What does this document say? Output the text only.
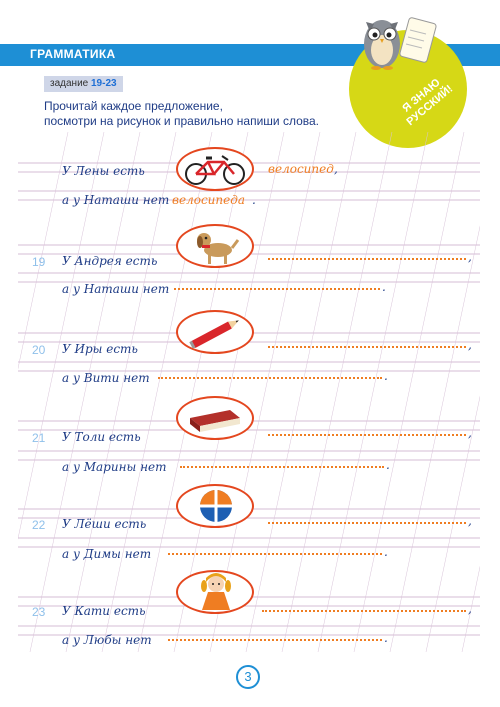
ГРАММАТИКА
Я ЗНАЮ РУССКИЙ!
задание 19-23
Прочитай каждое предложение,
посмотри на рисунок и правильно напиши слова.
У Лены есть	велосипед ,
а у Наташи нет велосипеда .
19 У Андрея есть	,
а у Наташи нет	.
20 У Иры есть	,
а у Вити нет	.
21 У Толи есть	,
а у Марины нет	.
22 У Лёши есть	,
а у Димы нет	.
23 У Кати есть	,
а у Любы нет	.
3
